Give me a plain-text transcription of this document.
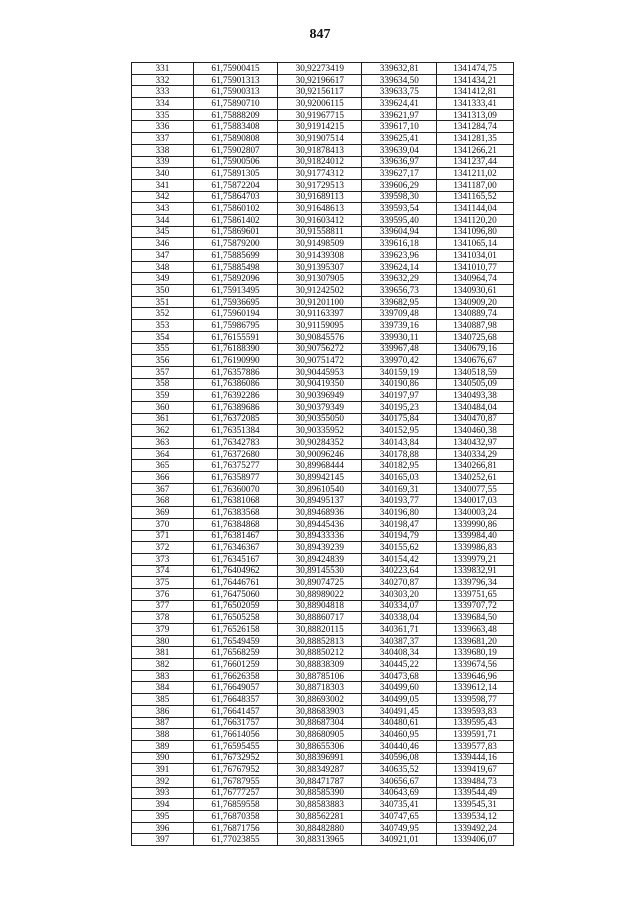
847
331	61,75900415	30,92273419	339632,81	1341474,75
332	61,75901313	30,92196617	339634,50	1341434,21
333	61,75900313	30,92156117	339633,75	1341412,81
334	61,75890710	30,92006115	339624,41	1341333,41
335	61,75888209	30,91967715	339621,97	1341313,09
336	61,75883408	30,91914215	339617,10	1341284,74
337	61,75890808	30,91907514	339625,41	1341281,35
338	61,75902807	30,91878413	339639,04	1341266,21
339	61,75900506	30,91824012	339636,97	1341237,44
340	61,75891305	30,91774312	339627,17	1341211,02
341	61,75872204	30,91729513	339606,29	1341187,00
342	61,75864703	30,91689113	339598,30	1341165,52
343	61,75860102	30,91648613	339593,54	1341144,04
344	61,75861402	30,91603412	339595,40	1341120,20
345	61,75869601	30,91558811	339604,94	1341096,80
346	61,75879200	30,91498509	339616,18	1341065,14
347	61,75885699	30,91439308	339623,96	1341034,01
348	61,75885498	30,91395307	339624,14	1341010,77
349	61,75892096	30,91307905	339632,29	1340964,74
350	61,75913495	30,91242502	339656,73	1340930,61
351	61,75936695	30,91201100	339682,95	1340909,20
352	61,75960194	30,91163397	339709,48	1340889,74
353	61,75986795	30,91159095	339739,16	1340887,98
354	61,76155591	30,90845576	339930,11	1340725,68
355	61,76188390	30,90756272	339967,48	1340679,16
356	61,76190990	30,90751472	339970,42	1340676,67
357	61,76357886	30,90445953	340159,19	1340518,59
358	61,76386086	30,90419350	340190,86	1340505,09
359	61,76392286	30,90396949	340197,97	1340493,38
360	61,76389686	30,90379349	340195,23	1340484,04
361	61,76372085	30,90355050	340175,84	1340470,87
362	61,76351384	30,90335952	340152,95	1340460,38
363	61,76342783	30,90284352	340143,84	1340432,97
364	61,76372680	30,90096246	340178,88	1340334,29
365	61,76375277	30,89968444	340182,95	1340266,81
366	61,76358977	30,89942145	340165,03	1340252,61
367	61,76360070	30,89610540	340169,31	1340077,55
368	61,76381068	30,89495137	340193,77	1340017,03
369	61,76383568	30,89468936	340196,80	1340003,24
370	61,76384868	30,89445436	340198,47	1339990,86
371	61,76381467	30,89433336	340194,79	1339984,40
372	61,76346367	30,89439239	340155,62	1339986,83
373	61,76345167	30,89424839	340154,42	1339979,21
374	61,76404962	30,89145530	340223,64	1339832,91
375	61,76446761	30,89074725	340270,87	1339796,34
376	61,76475060	30,88989022	340303,20	1339751,65
377	61,76502059	30,88904818	340334,07	1339707,72
378	61,76505258	30,88860717	340338,04	1339684,50
379	61,76526158	30,88820115	340361,71	1339663,48
380	61,76549459	30,88852813	340387,37	1339681,20
381	61,76568259	30,88850212	340408,34	1339680,19
382	61,76601259	30,88838309	340445,22	1339674,56
383	61,76626358	30,88785106	340473,68	1339646,96
384	61,76649057	30,88718303	340499,60	1339612,14
385	61,76648357	30,88693002	340499,05	1339598,77
386	61,76641457	30,88683903	340491,45	1339593,83
387	61,76631757	30,88687304	340480,61	1339595,43
388	61,76614056	30,88680905	340460,95	1339591,71
389	61,76595455	30,88655306	340440,46	1339577,83
390	61,76732952	30,88396991	340596,08	1339444,16
391	61,76767952	30,88349287	340635,52	1339419,67
392	61,76787955	30,88471787	340656,67	1339484,73
393	61,76777257	30,88585390	340643,69	1339544,49
394	61,76859558	30,88583883	340735,41	1339545,31
395	61,76870358	30,88562281	340747,65	1339534,12
396	61,76871756	30,88482880	340749,95	1339492,24
397	61,77023855	30,88313965	340921,01	1339406,07
